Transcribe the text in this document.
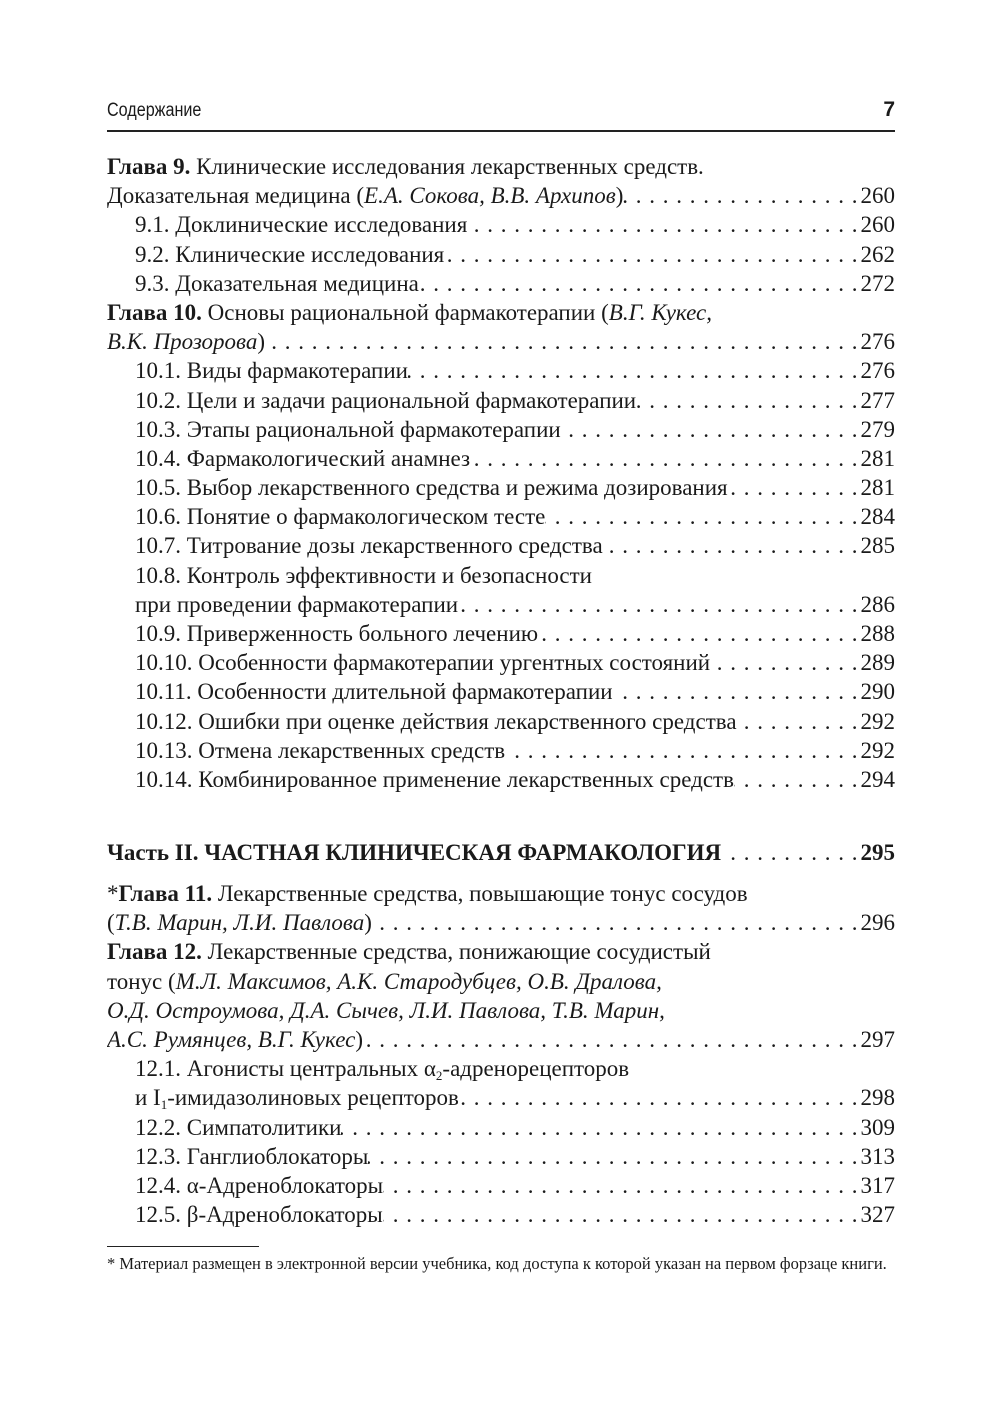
Содержание	7
Глава 9. Клинические исследования лекарственных средств.
Доказательная медицина (Е.А. Сокова, В.В. Архипов) . . .	260
9.1. Доклинические исследования . . .	260
9.2. Клинические исследования . . .	262
9.3. Доказательная медицина . . .	272
Глава 10. Основы рациональной фармакотерапии (В.Г. Кукес,
В.К. Прозорова) . . .	276
10.1. Виды фармакотерапии . . .	276
10.2. Цели и задачи рациональной фармакотерапии . . .	277
10.3. Этапы рациональной фармакотерапии . . .	279
10.4. Фармакологический анамнез . . .	281
10.5. Выбор лекарственного средства и режима дозирования . . .	281
10.6. Понятие о фармакологическом тесте . . .	284
10.7. Титрование дозы лекарственного средства . . .	285
10.8. Контроль эффективности и безопасности
при проведении фармакотерапии . . .	286
10.9. Приверженность больного лечению . . .	288
10.10. Особенности фармакотерапии ургентных состояний . . .	289
10.11. Особенности длительной фармакотерапии . . .	290
10.12. Ошибки при оценке действия лекарственного средства . . .	292
10.13. Отмена лекарственных средств . . .	292
10.14. Комбинированное применение лекарственных средств . . .	294
Часть II. ЧАСТНАЯ КЛИНИЧЕСКАЯ ФАРМАКОЛОГИЯ . . .	295
*Глава 11. Лекарственные средства, повышающие тонус сосудов
(Т.В. Марин, Л.И. Павлова) . . .	296
Глава 12. Лекарственные средства, понижающие сосудистый
тонус (М.Л. Максимов, А.К. Стародубцев, О.В. Дралова,
О.Д. Остроумова, Д.А. Сычев, Л.И. Павлова, Т.В. Марин,
А.С. Румянцев, В.Г. Кукес) . . .	297
12.1. Агонисты центральных $\alpha_2$-адренорецепторов
и $I_1$-имидазолиновых рецепторов . . .	298
12.2. Симпатолитики . . .	309
12.3. Ганглиоблокаторы . . .	313
12.4. α-Адреноблокаторы . . .	317
12.5. β-Адреноблокаторы . . .	327
* Материал размещен в электронной версии учебника, код доступа к которой указан на первом форзаце книги.
